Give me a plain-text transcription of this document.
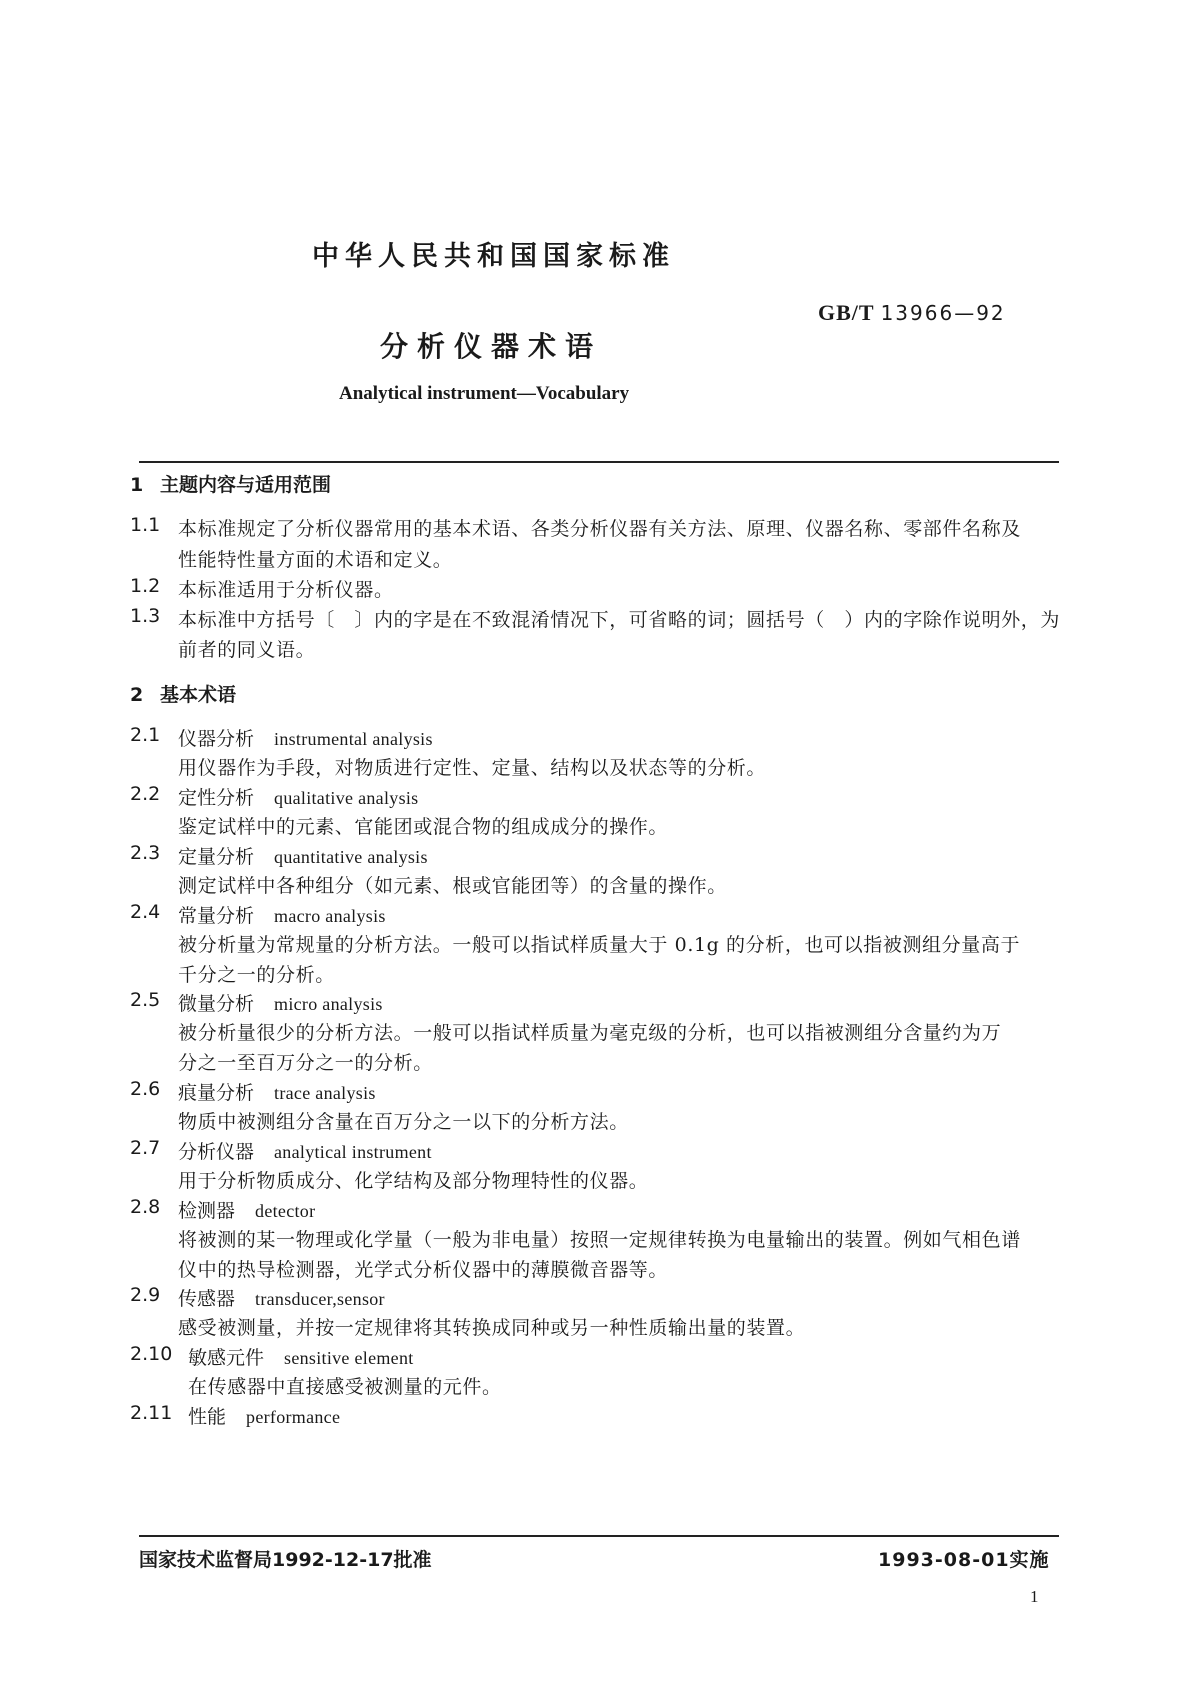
中华人民共和国国家标准
GB/T 13966—92
分析仪器术语
Analytical instrument—Vocabulary
1 主题内容与适用范围
1.1 本标准规定了分析仪器常用的基本术语、各类分析仪器有关方法、原理、仪器名称、零部件名称及
性能特性量方面的术语和定义。
1.2 本标准适用于分析仪器。
1.3 本标准中方括号〔　〕内的字是在不致混淆情况下，可省略的词；圆括号（　）内的字除作说明外，为
前者的同义语。
2 基本术语
2.1 仪器分析 instrumental analysis
用仪器作为手段，对物质进行定性、定量、结构以及状态等的分析。
2.2 定性分析 qualitative analysis
鉴定试样中的元素、官能团或混合物的组成成分的操作。
2.3 定量分析 quantitative analysis
测定试样中各种组分（如元素、根或官能团等）的含量的操作。
2.4 常量分析 macro analysis
被分析量为常规量的分析方法。一般可以指试样质量大于 0.1g 的分析，也可以指被测组分量高于
千分之一的分析。
2.5 微量分析 micro analysis
被分析量很少的分析方法。一般可以指试样质量为毫克级的分析，也可以指被测组分含量约为万
分之一至百万分之一的分析。
2.6 痕量分析 trace analysis
物质中被测组分含量在百万分之一以下的分析方法。
2.7 分析仪器 analytical instrument
用于分析物质成分、化学结构及部分物理特性的仪器。
2.8 检测器 detector
将被测的某一物理或化学量（一般为非电量）按照一定规律转换为电量输出的装置。例如气相色谱
仪中的热导检测器，光学式分析仪器中的薄膜微音器等。
2.9 传感器 transducer,sensor
感受被测量，并按一定规律将其转换成同种或另一种性质输出量的装置。
2.10 敏感元件 sensitive element
在传感器中直接感受被测量的元件。
2.11 性能 performance
国家技术监督局1992-12-17批准	1993-08-01实施
1
